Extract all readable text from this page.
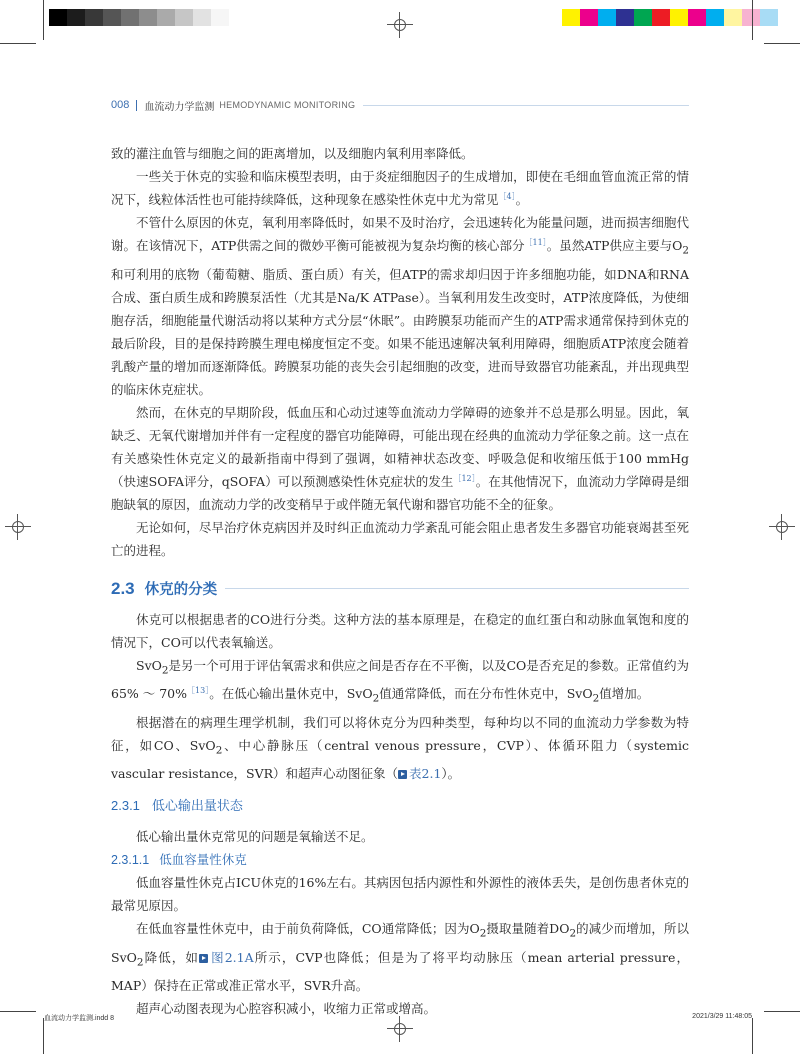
008 血流动力学监测 HEMODYNAMIC MONITORING

致的灌注血管与细胞之间的距离增加，以及细胞内氧利用率降低。

一些关于休克的实验和临床模型表明，由于炎症细胞因子的生成增加，即使在毛细血管血流正常的情况下，线粒体活性也可能持续降低，这种现象在感染性休克中尤为常见$^{[4]}$。

不管什么原因的休克，氧利用率降低时，如果不及时治疗，会迅速转化为能量问题，进而损害细胞代谢。在该情况下，ATP供需之间的微妙平衡可能被视为复杂均衡的核心部分$^{[11]}$。虽然ATP供应主要与$O_2$和可利用的底物（葡萄糖、脂质、蛋白质）有关，但ATP的需求却归因于许多细胞功能，如DNA和RNA合成、蛋白质生成和跨膜泵活性（尤其是Na/K ATPase）。当氧利用发生改变时，ATP浓度降低，为使细胞存活，细胞能量代谢活动将以某种方式分层“休眠”。由跨膜泵功能而产生的ATP需求通常保持到休克的最后阶段，目的是保持跨膜生理电梯度恒定不变。如果不能迅速解决氧利用障碍，细胞质ATP浓度会随着乳酸产量的增加而逐渐降低。跨膜泵功能的丧失会引起细胞的改变，进而导致器官功能紊乱，并出现典型的临床休克症状。

然而，在休克的早期阶段，低血压和心动过速等血流动力学障碍的迹象并不总是那么明显。因此，氧缺乏、无氧代谢增加并伴有一定程度的器官功能障碍，可能出现在经典的血流动力学征象之前。这一点在有关感染性休克定义的最新指南中得到了强调，如精神状态改变、呼吸急促和收缩压低于100 mmHg（快速SOFA评分，qSOFA）可以预测感染性休克症状的发生$^{[12]}$。在其他情况下，血流动力学障碍是细胞缺氧的原因，血流动力学的改变稍早于或伴随无氧代谢和器官功能不全的征象。

无论如何，尽早治疗休克病因并及时纠正血流动力学紊乱可能会阻止患者发生多器官功能衰竭甚至死亡的进程。

2.3 休克的分类

休克可以根据患者的CO进行分类。这种方法的基本原理是，在稳定的血红蛋白和动脉血氧饱和度的情况下，CO可以代表氧输送。

SvO$_2$是另一个可用于评估氧需求和供应之间是否存在不平衡，以及CO是否充足的参数。正常值约为65% ～ 70%$^{[13]}$。在低心输出量休克中，SvO$_2$值通常降低，而在分布性休克中，SvO$_2$值增加。

根据潜在的病理生理学机制，我们可以将休克分为四种类型，每种均以不同的血流动力学参数为特征，如CO、SvO$_2$、中心静脉压（central venous pressure，CVP）、体循环阻力（systemic vascular resistance，SVR）和超声心动图征象（ 表2.1）。

2.3.1 低心输出量状态

低心输出量休克常见的问题是氧输送不足。

2.3.1.1 低血容量性休克

低血容量性休克占ICU休克的16%左右。其病因包括内源性和外源性的液体丢失，是创伤患者休克的最常见原因。

在低血容量性休克中，由于前负荷降低，CO通常降低；因为$O_2$摄取量随着$DO_2$的减少而增加，所以SvO$_2$降低，如 图2.1A所示，CVP也降低；但是为了将平均动脉压（mean arterial pressure，MAP）保持在正常或准正常水平，SVR升高。

超声心动图表现为心腔容积减小，收缩力正常或增高。

血流动力学监测.indd 8	2021/3/29 11:48:05
